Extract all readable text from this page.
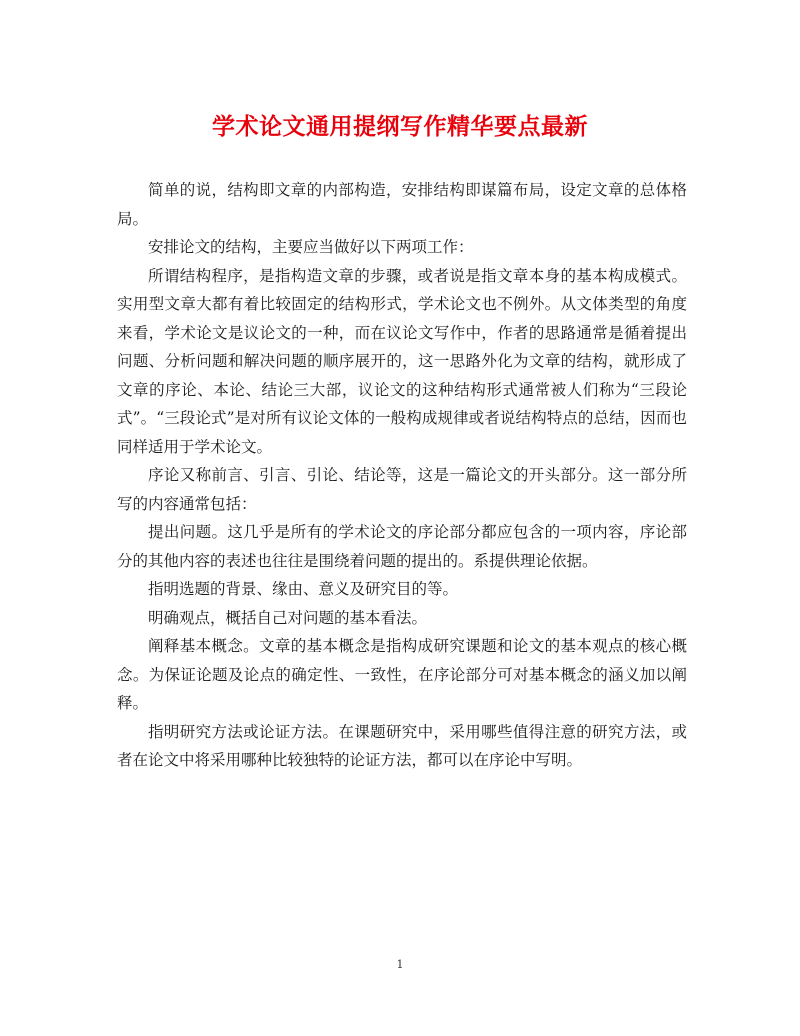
学术论文通用提纲写作精华要点最新

简单的说，结构即文章的内部构造，安排结构即谋篇布局，设定文章的总体格局。

安排论文的结构，主要应当做好以下两项工作：

所谓结构程序，是指构造文章的步骤，或者说是指文章本身的基本构成模式。实用型文章大都有着比较固定的结构形式，学术论文也不例外。从文体类型的角度来看，学术论文是议论文的一种，而在议论文写作中，作者的思路通常是循着提出问题、分析问题和解决问题的顺序展开的，这一思路外化为文章的结构，就形成了文章的序论、本论、结论三大部，议论文的这种结构形式通常被人们称为“三段论式”。“三段论式”是对所有议论文体的一般构成规律或者说结构特点的总结，因而也同样适用于学术论文。

序论又称前言、引言、引论、结论等，这是一篇论文的开头部分。这一部分所写的内容通常包括：

提出问题。这几乎是所有的学术论文的序论部分都应包含的一项内容，序论部分的其他内容的表述也往往是围绕着问题的提出的。系提供理论依据。

指明选题的背景、缘由、意义及研究目的等。

明确观点，概括自己对问题的基本看法。

阐释基本概念。文章的基本概念是指构成研究课题和论文的基本观点的核心概念。为保证论题及论点的确定性、一致性，在序论部分可对基本概念的涵义加以阐释。

指明研究方法或论证方法。在课题研究中，采用哪些值得注意的研究方法，或者在论文中将采用哪种比较独特的论证方法，都可以在序论中写明。

1
